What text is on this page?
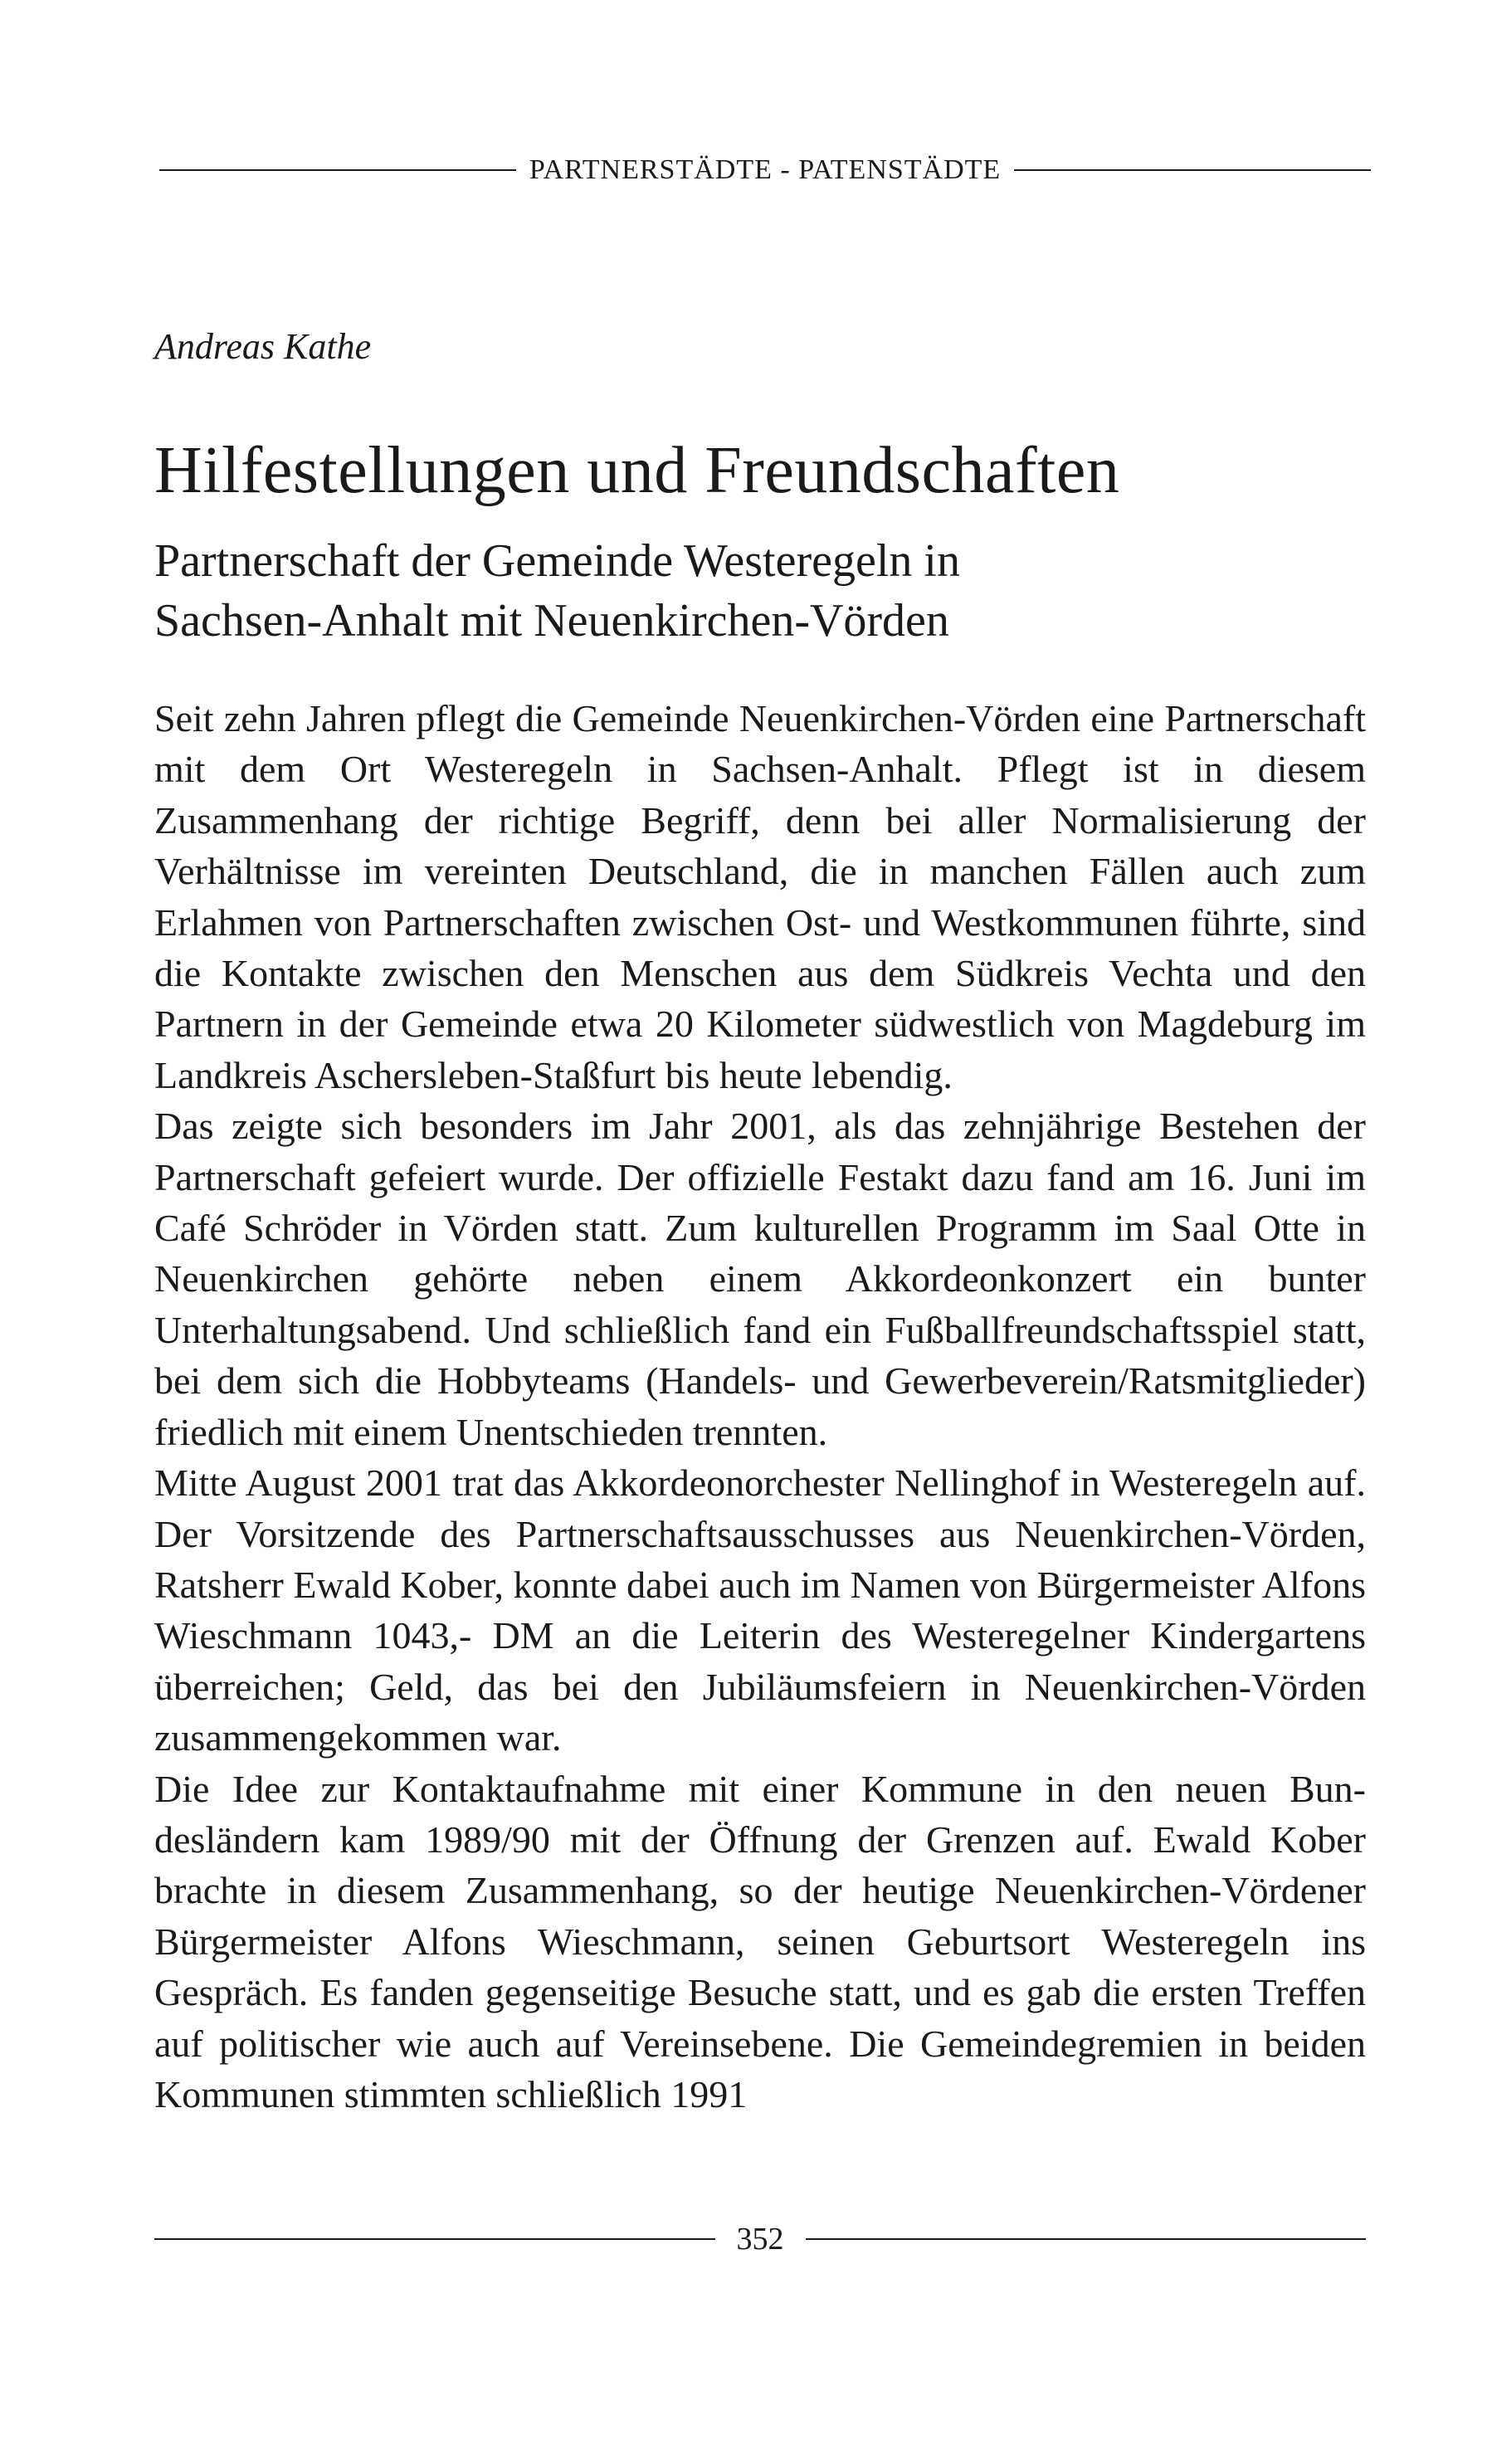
PARTNERSTÄDTE - PATENSTÄDTE
Andreas Kathe
Hilfestellungen und Freundschaften
Partnerschaft der Gemeinde Westeregeln in
Sachsen-Anhalt mit Neuenkirchen-Vörden

Seit zehn Jahren pflegt die Gemeinde Neuenkirchen-Vörden eine Partnerschaft mit dem Ort Westeregeln in Sachsen-Anhalt. Pflegt ist in diesem Zusammenhang der richtige Begriff, denn bei aller Normalisierung der Verhältnisse im vereinten Deutschland, die in manchen Fällen auch zum Erlahmen von Partnerschaften zwischen Ost- und Westkommunen führte, sind die Kontakte zwischen den Menschen aus dem Südkreis Vechta und den Partnern in der Gemeinde etwa 20 Kilometer südwestlich von Magdeburg im Landkreis Aschersleben-Staßfurt bis heute lebendig.

Das zeigte sich besonders im Jahr 2001, als das zehnjährige Bestehen der Partnerschaft gefeiert wurde. Der offizielle Festakt dazu fand am 16. Juni im Café Schröder in Vörden statt. Zum kulturellen Programm im Saal Otte in Neuenkirchen gehörte neben einem Akkordeonkonzert ein bunter Unterhaltungsabend. Und schließlich fand ein Fußballfreundschaftsspiel statt, bei dem sich die Hobbyteams (Handels- und Gewerbeverein/Ratsmitglieder) friedlich mit einem Unentschieden trennten.

Mitte August 2001 trat das Akkordeonorchester Nellinghof in Westeregeln auf. Der Vorsitzende des Partnerschaftsausschusses aus Neuenkirchen-Vörden, Ratsherr Ewald Kober, konnte dabei auch im Namen von Bürgermeister Alfons Wieschmann 1043,- DM an die Leiterin des Westeregelner Kindergartens überreichen; Geld, das bei den Jubiläumsfeiern in Neuenkirchen-Vörden zusammengekommen war.

Die Idee zur Kontaktaufnahme mit einer Kommune in den neuen Bundesländern kam 1989/90 mit der Öffnung der Grenzen auf. Ewald Kober brachte in diesem Zusammenhang, so der heutige Neuenkirchen-Vördener Bürgermeister Alfons Wieschmann, seinen Geburtsort Westeregeln ins Gespräch. Es fanden gegenseitige Besuche statt, und es gab die ersten Treffen auf politischer wie auch auf Vereinsebene. Die Gemeindegremien in beiden Kommunen stimmten schließlich 1991

352
